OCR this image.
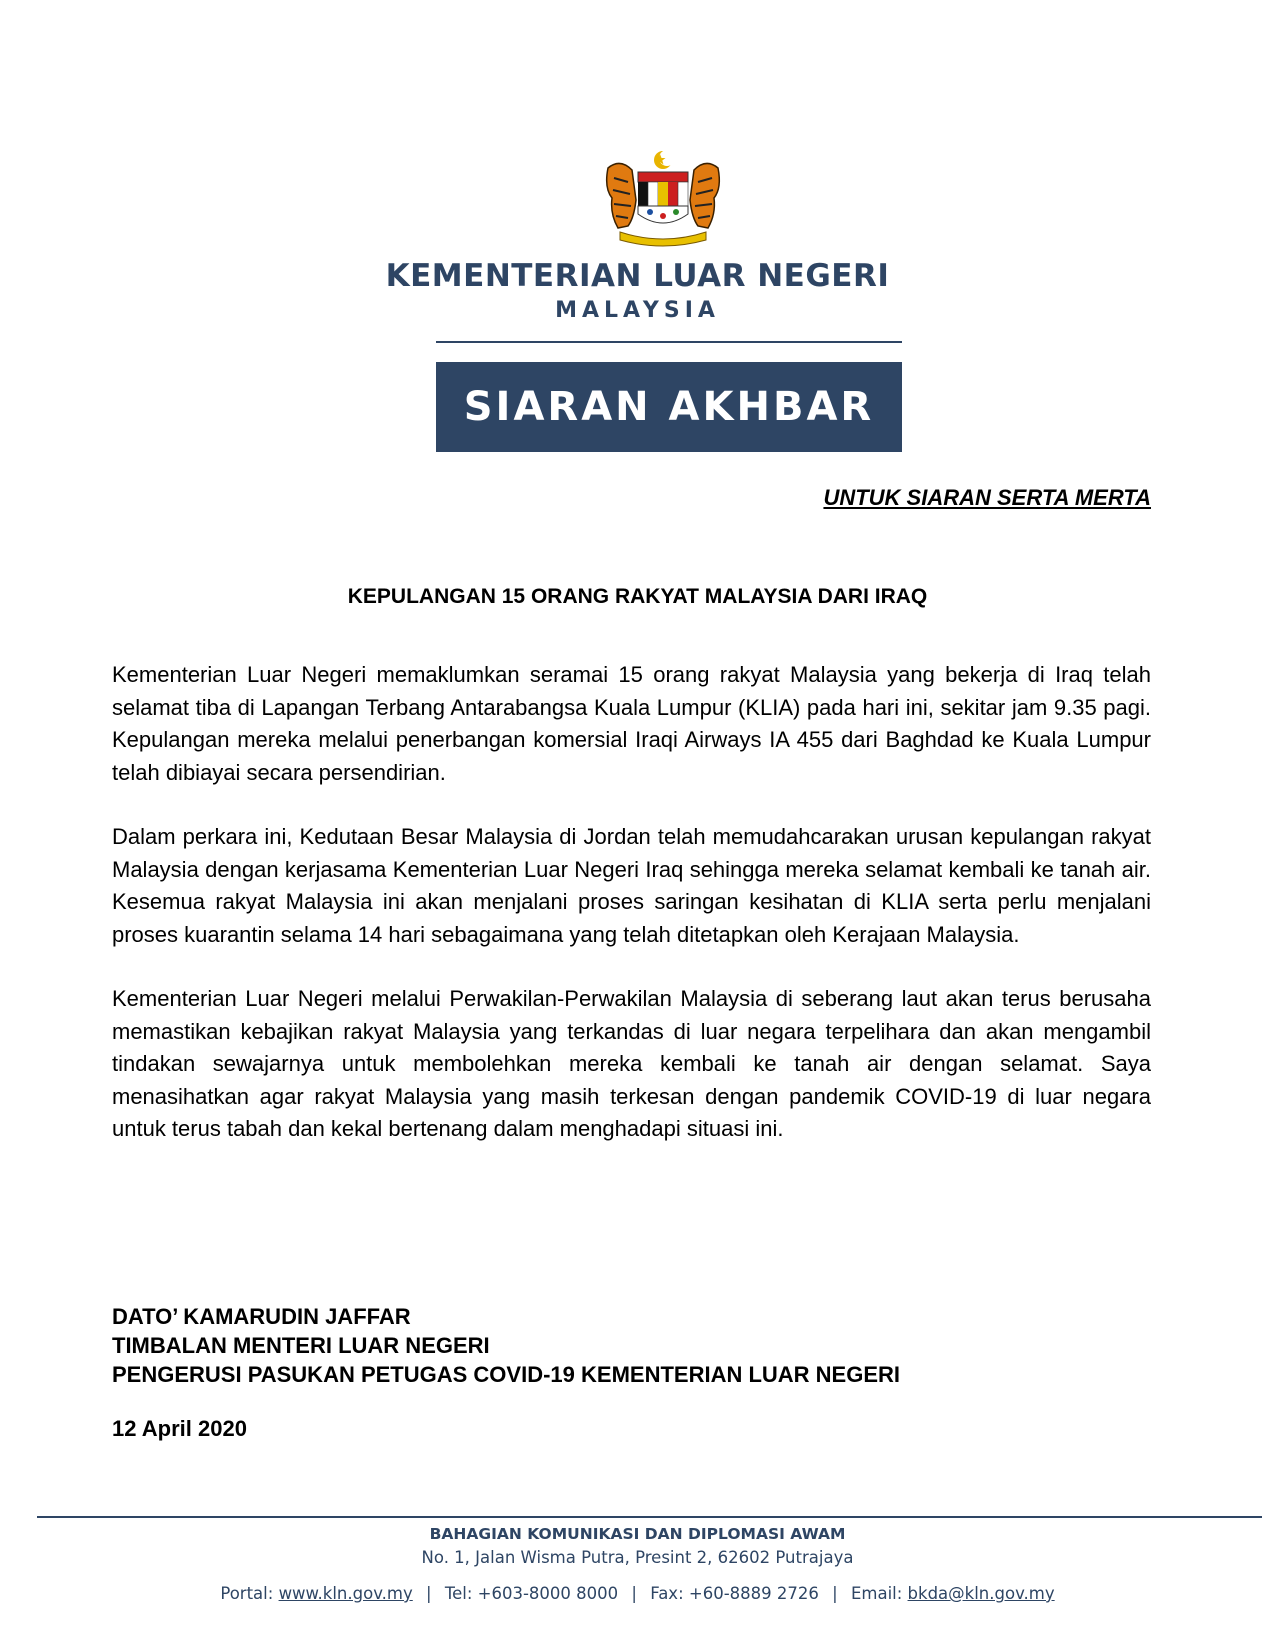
KEMENTERIAN LUAR NEGERI
MALAYSIA
SIARAN AKHBAR
UNTUK SIARAN SERTA MERTA
KEPULANGAN 15 ORANG RAKYAT MALAYSIA DARI IRAQ

Kementerian Luar Negeri memaklumkan seramai 15 orang rakyat Malaysia yang bekerja di Iraq telah selamat tiba di Lapangan Terbang Antarabangsa Kuala Lumpur (KLIA) pada hari ini, sekitar jam 9.35 pagi. Kepulangan mereka melalui penerbangan komersial Iraqi Airways IA 455 dari Baghdad ke Kuala Lumpur telah dibiayai secara persendirian.

Dalam perkara ini, Kedutaan Besar Malaysia di Jordan telah memudahcarakan urusan kepulangan rakyat Malaysia dengan kerjasama Kementerian Luar Negeri Iraq sehingga mereka selamat kembali ke tanah air. Kesemua rakyat Malaysia ini akan menjalani proses saringan kesihatan di KLIA serta perlu menjalani proses kuarantin selama 14 hari sebagaimana yang telah ditetapkan oleh Kerajaan Malaysia.

Kementerian Luar Negeri melalui Perwakilan-Perwakilan Malaysia di seberang laut akan terus berusaha memastikan kebajikan rakyat Malaysia yang terkandas di luar negara terpelihara dan akan mengambil tindakan sewajarnya untuk membolehkan mereka kembali ke tanah air dengan selamat. Saya menasihatkan agar rakyat Malaysia yang masih terkesan dengan pandemik COVID-19 di luar negara untuk terus tabah dan kekal bertenang dalam menghadapi situasi ini.

DATO’ KAMARUDIN JAFFAR
TIMBALAN MENTERI LUAR NEGERI
PENGERUSI PASUKAN PETUGAS COVID-19 KEMENTERIAN LUAR NEGERI
12 April 2020
BAHAGIAN KOMUNIKASI DAN DIPLOMASI AWAM
No. 1, Jalan Wisma Putra, Presint 2, 62602 Putrajaya
Portal: www.kln.gov.my | Tel: +603-8000 8000 | Fax: +60-8889 2726 | Email: bkda@kln.gov.my
